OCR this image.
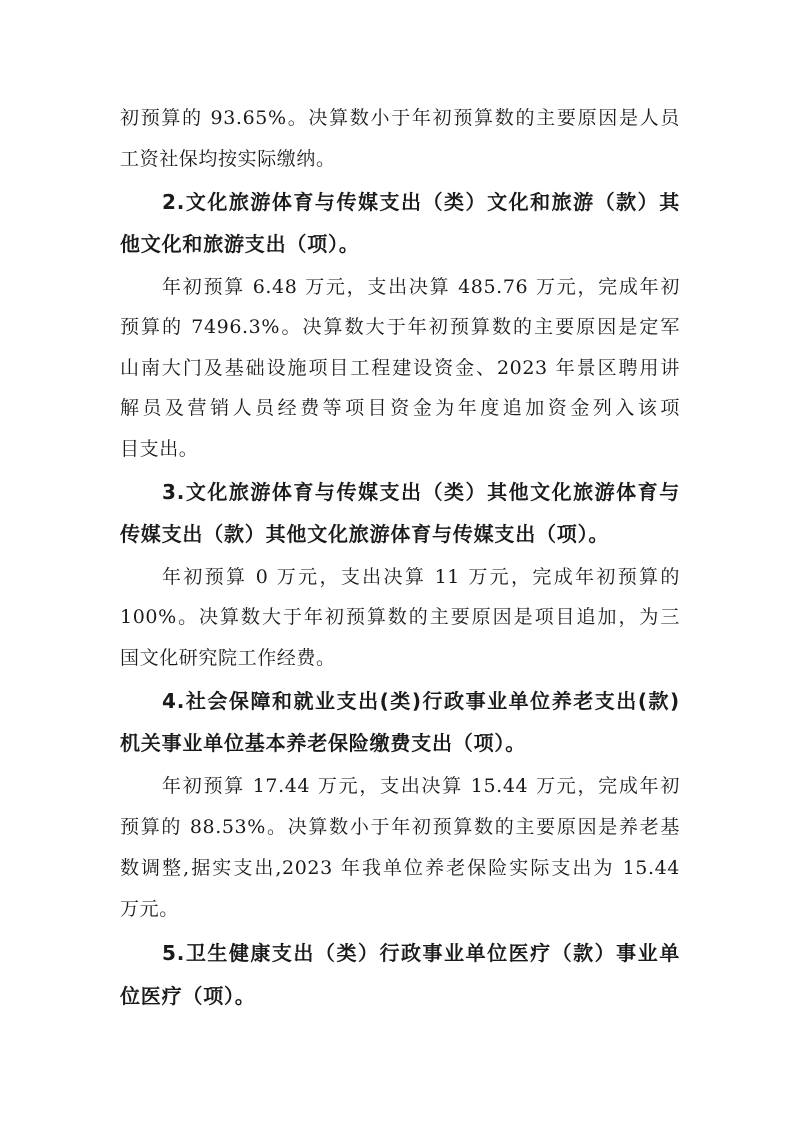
初预算的 93.65%。决算数小于年初预算数的主要原因是人员
工资社保均按实际缴纳。
2.文化旅游体育与传媒支出（类）文化和旅游（款）其
他文化和旅游支出（项）。
年初预算 6.48 万元，支出决算 485.76 万元，完成年初
预算的 7496.3%。决算数大于年初预算数的主要原因是定军
山南大门及基础设施项目工程建设资金、2023 年景区聘用讲
解员及营销人员经费等项目资金为年度追加资金列入该项
目支出。
3.文化旅游体育与传媒支出（类）其他文化旅游体育与
传媒支出（款）其他文化旅游体育与传媒支出（项）。
年初预算 0 万元，支出决算 11 万元，完成年初预算的
100%。决算数大于年初预算数的主要原因是项目追加，为三
国文化研究院工作经费。
4.社会保障和就业支出(类)行政事业单位养老支出(款)
机关事业单位基本养老保险缴费支出（项）。
年初预算 17.44 万元，支出决算 15.44 万元，完成年初
预算的 88.53%。决算数小于年初预算数的主要原因是养老基
数调整,据实支出,2023 年我单位养老保险实际支出为 15.44
万元。
5.卫生健康支出（类）行政事业单位医疗（款）事业单
位医疗（项）。
